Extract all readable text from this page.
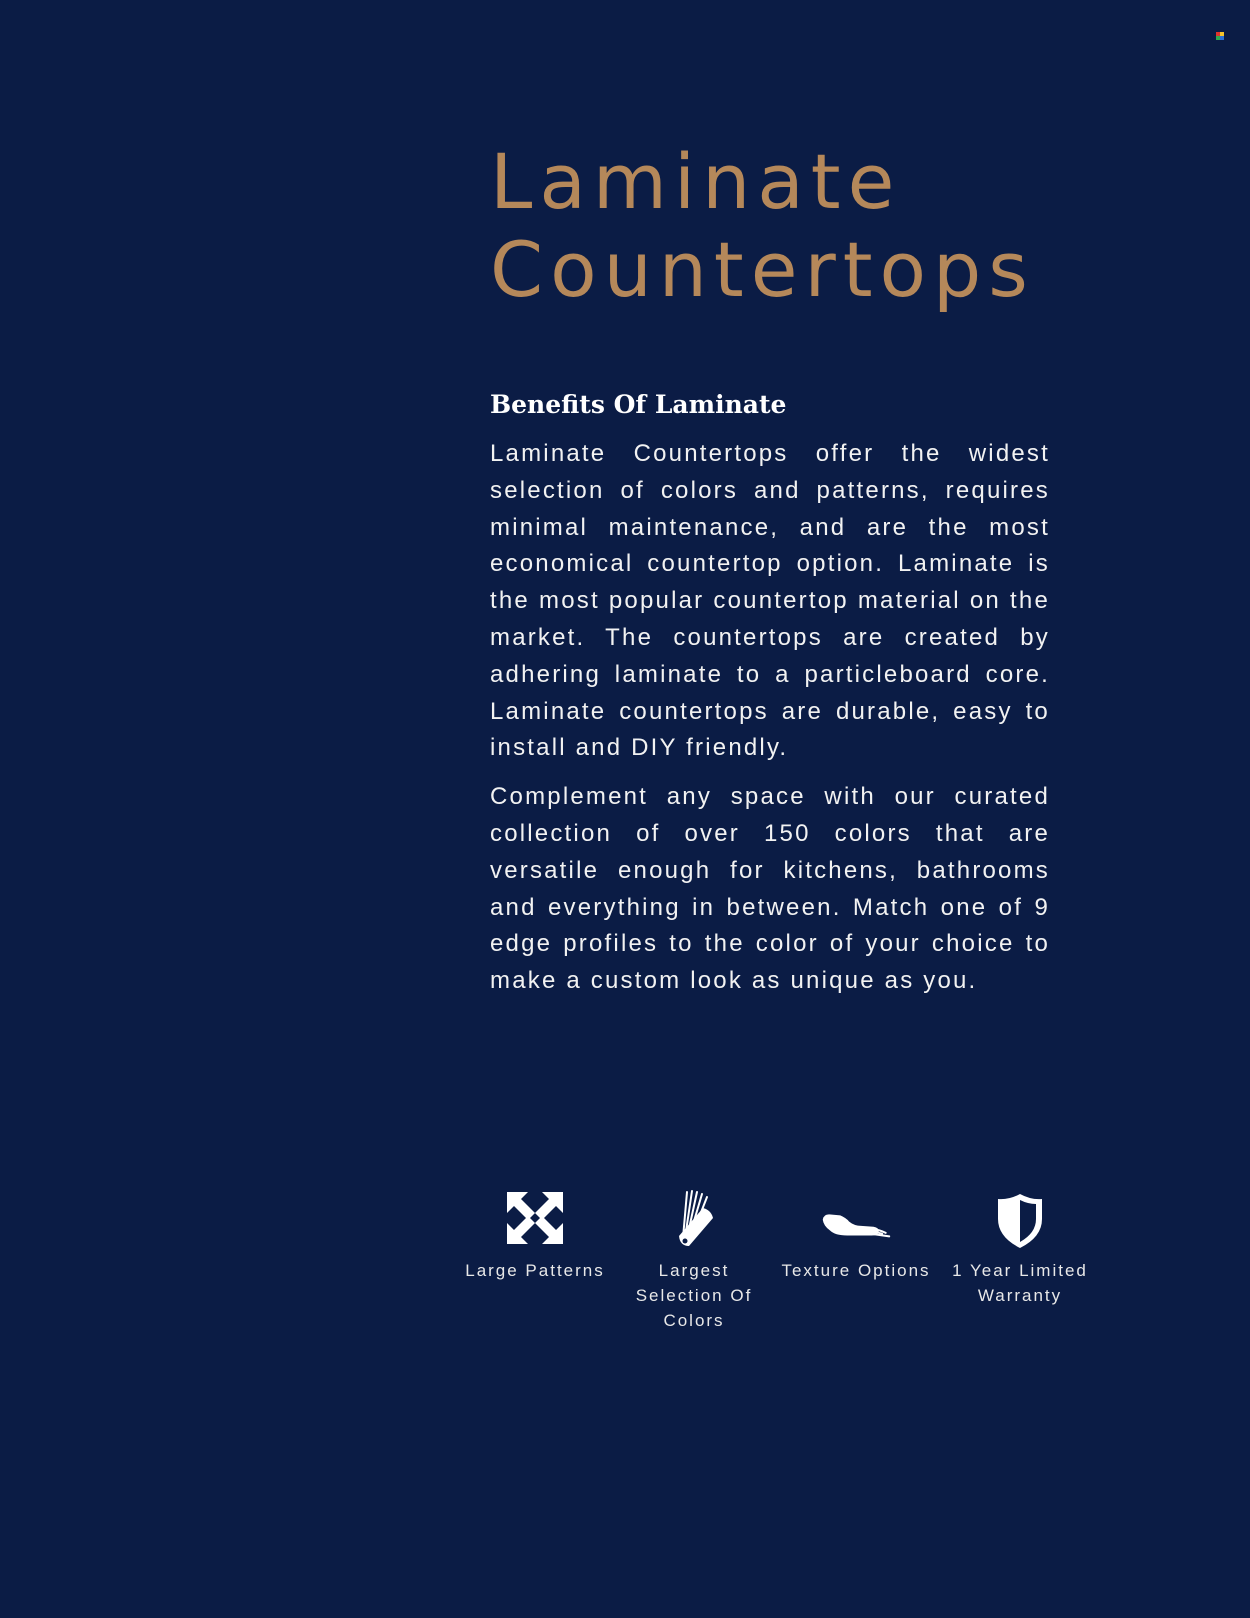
Laminate
Countertops
Benefits Of Laminate

Laminate Countertops offer the widest selection of colors and patterns, requires minimal maintenance, and are the most economical countertop option. Laminate is the most popular countertop material on the market. The countertops are created by adhering laminate to a particleboard core. Laminate countertops are durable, easy to install and DIY friendly.

Complement any space with our curated collection of over 150 colors that are versatile enough for kitchens, bathrooms and everything in between. Match one of 9 edge profiles to the color of your choice to make a custom look as unique as you.

Large Patterns	Largest Selection Of Colors
Texture Options	1 Year Limited Warranty
